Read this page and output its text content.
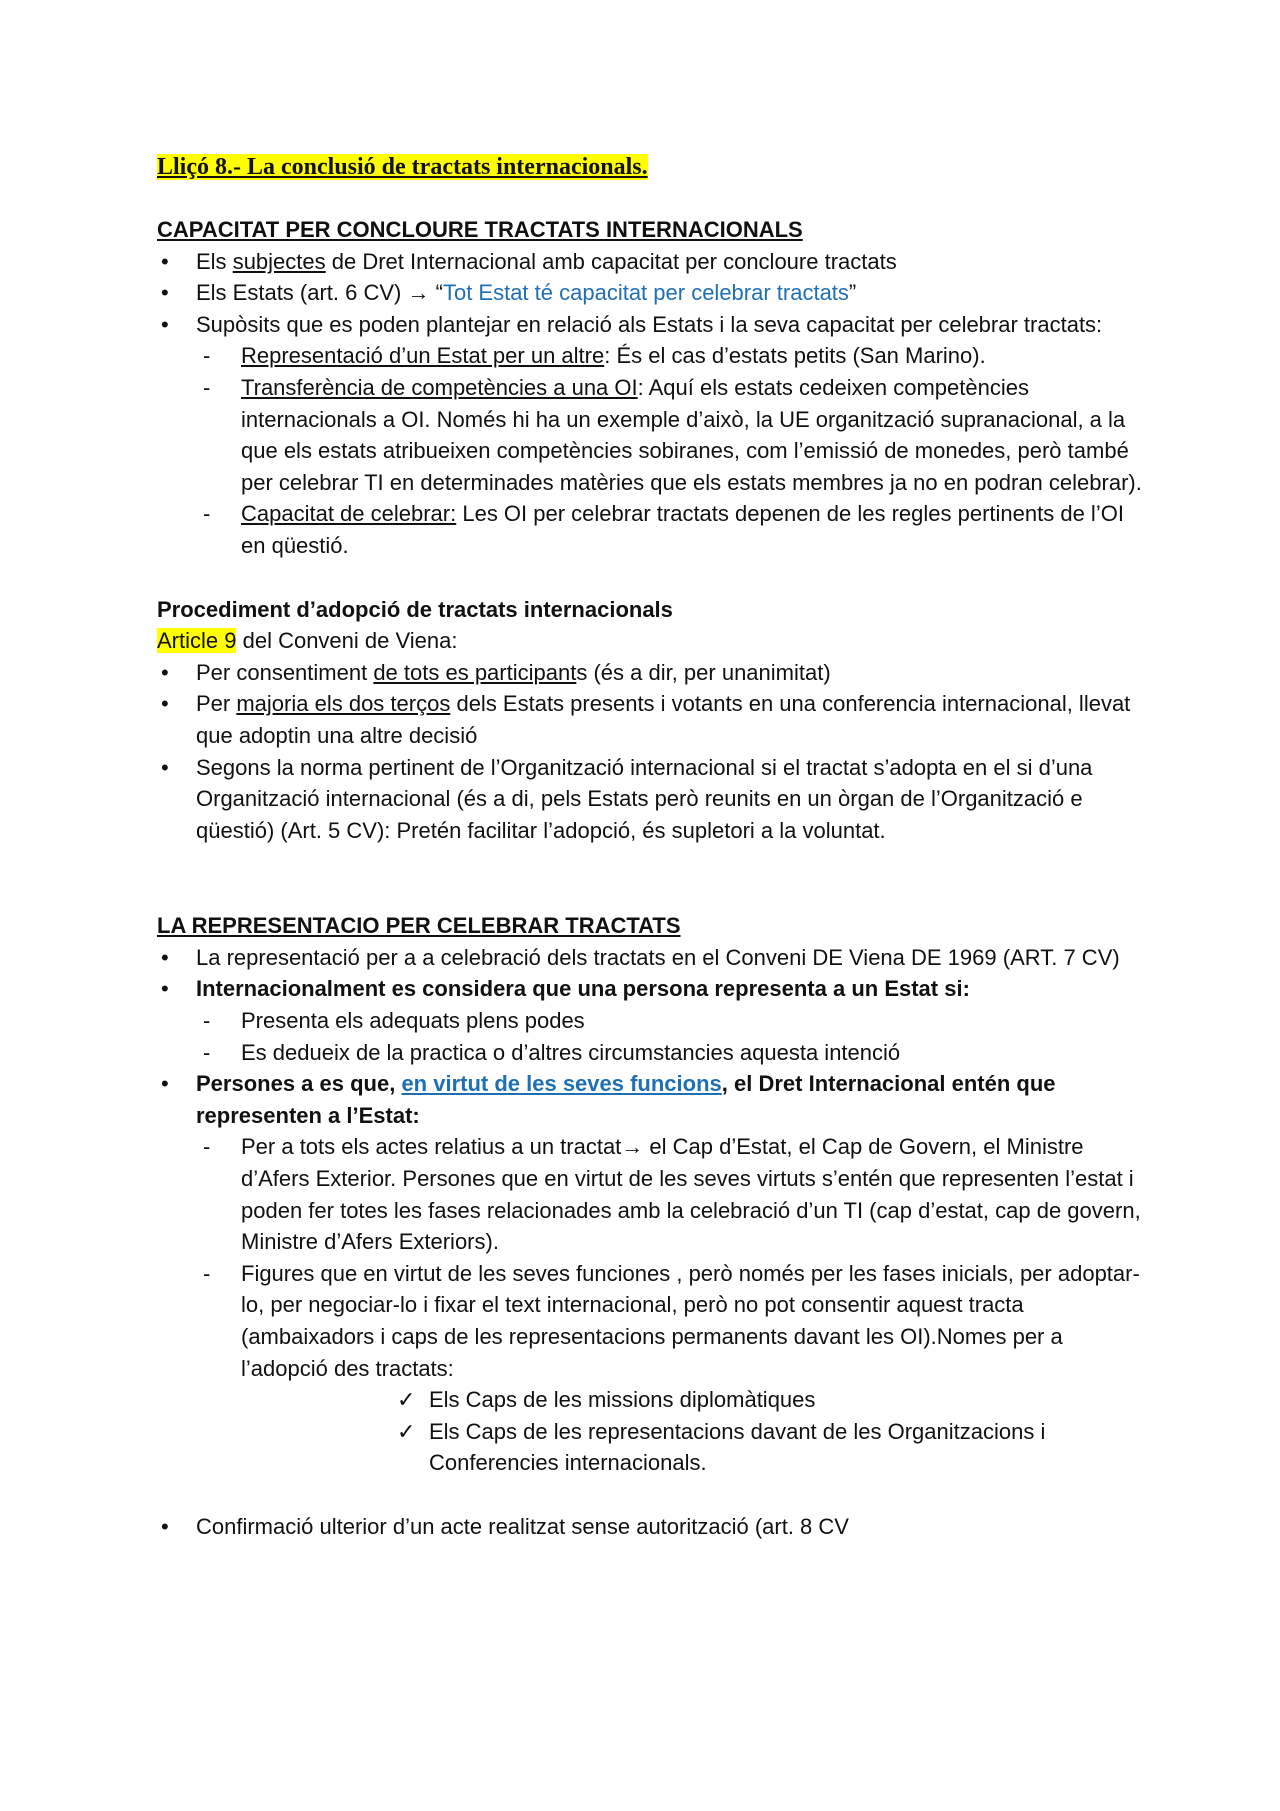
Lliçó 8.- La conclusió de tractats internacionals.

CAPACITAT PER CONCLOURE TRACTATS INTERNACIONALS

• Els subjectes de Dret Internacional amb capacitat per concloure tractats
• Els Estats (art. 6 CV) → “Tot Estat té capacitat per celebrar tractats”
• Supòsits que es poden plantejar en relació als Estats i la seva capacitat per celebrar tractats:
- Representació d’un Estat per un altre: És el cas d’estats petits (San Marino).
- Transferència de competències a una OI: Aquí els estats cedeixen competències internacionals a OI. Només hi ha un exemple d’això, la UE organització supranacional, a la que els estats atribueixen competències sobiranes, com l’emissió de monedes, però també per celebrar TI en determinades matèries que els estats membres ja no en podran celebrar).
- Capacitat de celebrar: Les OI per celebrar tractats depenen de les regles pertinents de l’OI en qüestió.

Procediment d’adopció de tractats internacionals

Article 9 del Conveni de Viena:

• Per consentiment de tots es participants (és a dir, per unanimitat)
• Per majoria els dos terços dels Estats presents i votants en una conferencia internacional, llevat que adoptin una altre decisió
• Segons la norma pertinent de l’Organització internacional si el tractat s’adopta en el si d’una Organització internacional (és a di, pels Estats però reunits en un òrgan de l’Organització e qüestió) (Art. 5 CV): Pretén facilitar l’adopció, és supletori a la voluntat.

LA REPRESENTACIO PER CELEBRAR TRACTATS

• La representació per a a celebració dels tractats en el Conveni DE Viena DE 1969 (ART. 7 CV)
• Internacionalment es considera que una persona representa a un Estat si:
- Presenta els adequats plens podes
- Es dedueix de la practica o d’altres circumstancies aquesta intenció
• Persones a es que, en virtut de les seves funcions, el Dret Internacional entén que representen a l’Estat:
- Per a tots els actes relatius a un tractat→ el Cap d’Estat, el Cap de Govern, el Ministre d’Afers Exterior. Persones que en virtut de les seves virtuts s’entén que representen l’estat i poden fer totes les fases relacionades amb la celebració d’un TI (cap d’estat, cap de govern, Ministre d’Afers Exteriors).
- Figures que en virtut de les seves funciones , però només per les fases inicials, per adoptar-lo, per negociar-lo i fixar el text internacional, però no pot consentir aquest tracta (ambaixadors i caps de les representacions permanents davant les OI).Nomes per a l’adopció des tractats:
✓ Els Caps de les missions diplomàtiques
✓ Els Caps de les representacions davant de les Organitzacions i Conferencies internacionals.
• Confirmació ulterior d’un acte realitzat sense autorització (art. 8 CV
